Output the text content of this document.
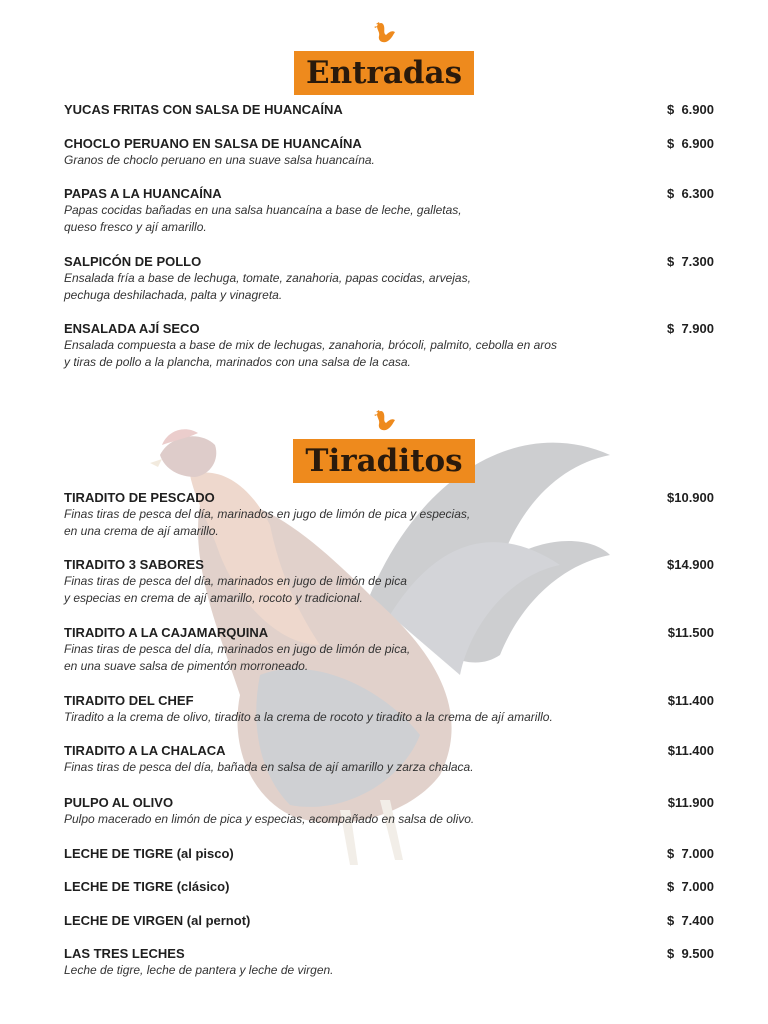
Entradas
YUCAS FRITAS CON SALSA DE HUANCAÍNA	$  6.900
CHOCLO PERUANO EN SALSA DE HUANCAÍNA
Granos de choclo peruano en una suave salsa huancaína.
$  6.900
PAPAS A LA HUANCAÍNA
Papas cocidas bañadas en una salsa huancaína a base de leche, galletas,
queso fresco y ají amarillo.
$  6.300
SALPICÓN DE POLLO
Ensalada fría a base de lechuga, tomate, zanahoria, papas cocidas, arvejas,
pechuga deshilachada, palta y vinagreta.
$  7.300
ENSALADA AJÍ SECO
Ensalada compuesta a base de mix de lechugas, zanahoria, brócoli, palmito, cebolla en aros
y tiras de pollo a la plancha, marinados con una salsa de la casa.
$  7.900
Tiraditos
TIRADITO DE PESCADO
Finas tiras de pesca del día, marinados en jugo de limón de pica y especias,
en una crema de ají amarillo.
$10.900
TIRADITO 3 SABORES
Finas tiras de pesca del día, marinados en jugo de limón de pica
y especias en crema de ají amarillo, rocoto y tradicional.
$14.900
TIRADITO A LA CAJAMARQUINA
Finas tiras de pesca del día, marinados en jugo de limón de pica,
en una suave salsa de pimentón morroneado.
$11.500
TIRADITO DEL CHEF
Tiradito a la crema de olivo, tiradito a la crema de rocoto y tiradito a la crema de ají amarillo.
$11.400
TIRADITO A LA CHALACA
Finas tiras de pesca del día, bañada en salsa de ají amarillo y zarza chalaca.
$11.400
PULPO AL OLIVO
Pulpo macerado en limón de pica y especias, acompañado en salsa de olivo.
$11.900
LECHE DE TIGRE (al pisco)	$  7.000
LECHE DE TIGRE (clásico)	$  7.000
LECHE DE VIRGEN (al pernot)	$  7.400
LAS TRES LECHES
Leche de tigre, leche de pantera y leche de virgen.
$  9.500
